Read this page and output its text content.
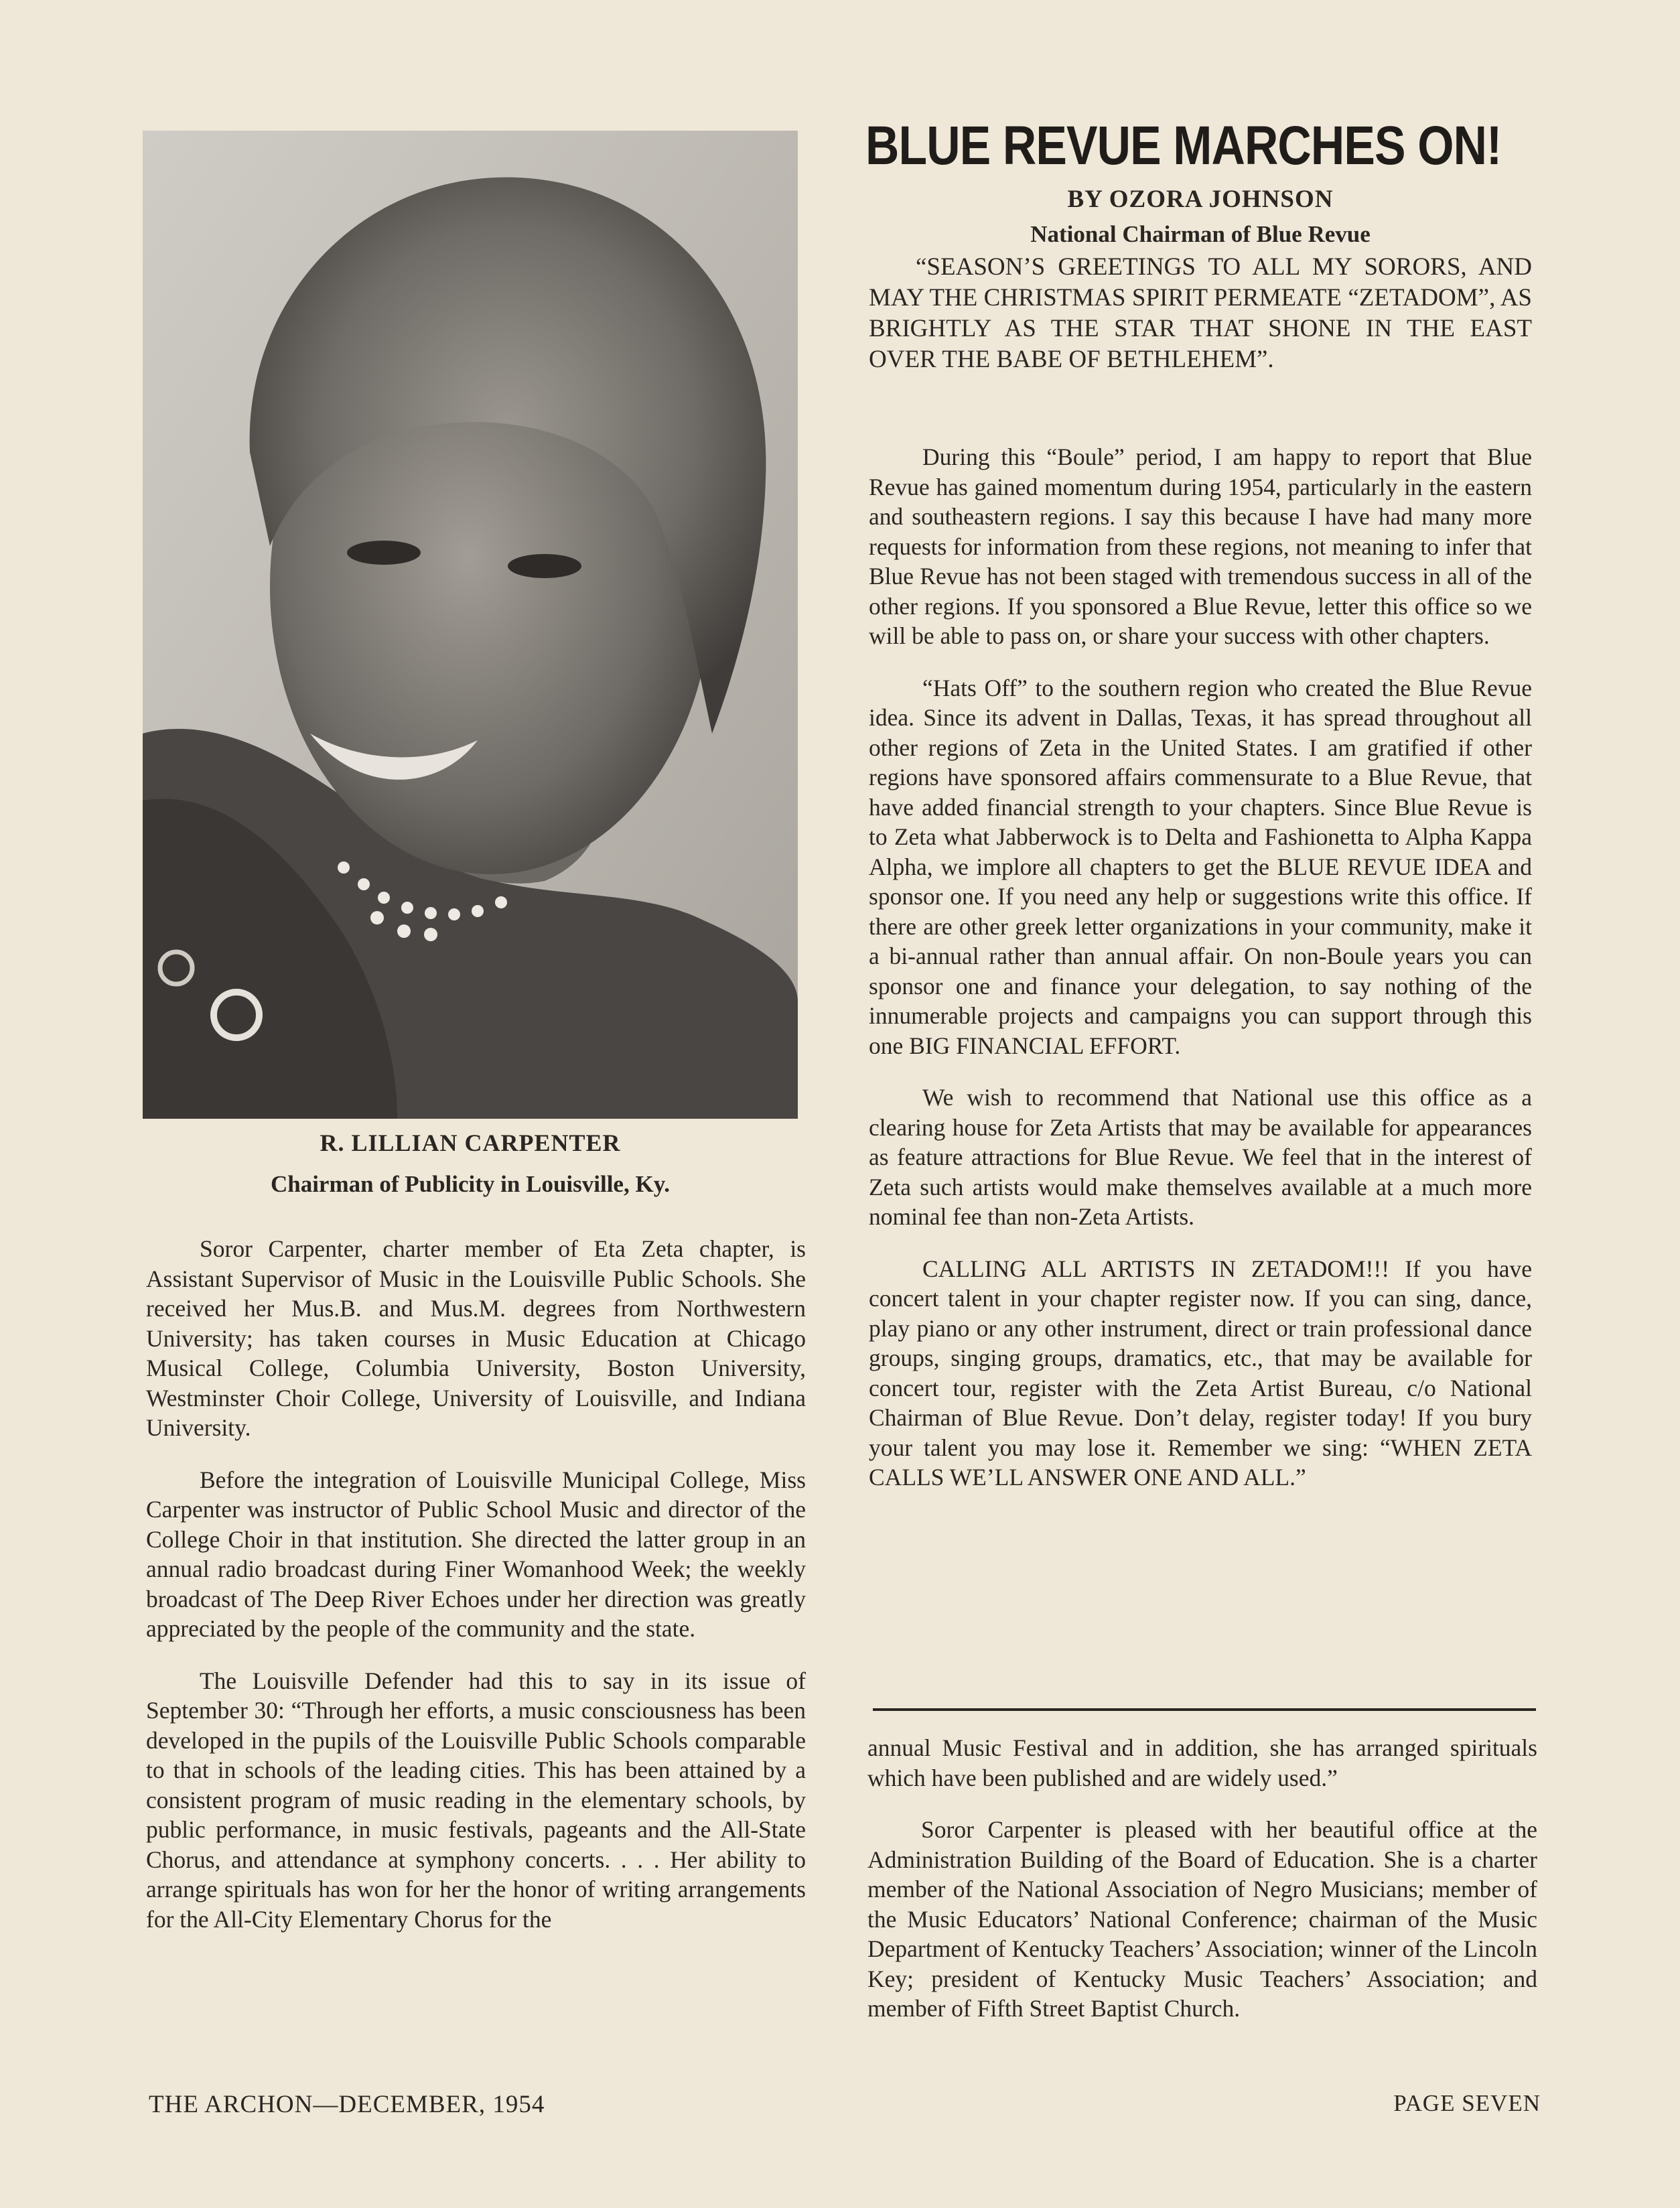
R. LILLIAN CARPENTER
Chairman of Publicity in Louisville, Ky.

Soror Carpenter, charter member of Eta Zeta chapter, is Assistant Supervisor of Music in the Louisville Public Schools. She received her Mus.B. and Mus.M. degrees from Northwestern University; has taken courses in Music Education at Chicago Musical College, Columbia University, Boston University, Westminster Choir College, University of Louisville, and Indiana University.

Before the integration of Louisville Municipal College, Miss Carpenter was instructor of Public School Music and director of the College Choir in that institution. She directed the latter group in an annual radio broadcast during Finer Womanhood Week; the weekly broadcast of The Deep River Echoes under her direction was greatly appreciated by the people of the community and the state.

The Louisville Defender had this to say in its issue of September 30: “Through her efforts, a music consciousness has been developed in the pupils of the Louisville Public Schools comparable to that in schools of the leading cities. This has been attained by a consistent program of music reading in the elementary schools, by public performance, in music festivals, pageants and the All-State Chorus, and attendance at symphony concerts. . . . Her ability to arrange spirituals has won for her the honor of writing arrangements for the All-City Elementary Chorus for the

BLUE REVUE MARCHES ON!
BY OZORA JOHNSON
National Chairman of Blue Revue

“SEASON’S GREETINGS TO ALL MY SORORS, AND MAY THE CHRISTMAS SPIRIT PERMEATE “ZETADOM”, AS BRIGHTLY AS THE STAR THAT SHONE IN THE EAST OVER THE BABE OF BETHLEHEM”.

During this “Boule” period, I am happy to report that Blue Revue has gained momentum during 1954, particularly in the eastern and southeastern regions. I say this because I have had many more requests for information from these regions, not meaning to infer that Blue Revue has not been staged with tremendous success in all of the other regions. If you sponsored a Blue Revue, letter this office so we will be able to pass on, or share your success with other chapters.

“Hats Off” to the southern region who created the Blue Revue idea. Since its advent in Dallas, Texas, it has spread throughout all other regions of Zeta in the United States. I am gratified if other regions have sponsored affairs commensurate to a Blue Revue, that have added financial strength to your chapters. Since Blue Revue is to Zeta what Jabberwock is to Delta and Fashionetta to Alpha Kappa Alpha, we implore all chapters to get the BLUE REVUE IDEA and sponsor one. If you need any help or suggestions write this office. If there are other greek letter organizations in your community, make it a bi-annual rather than annual affair. On non-Boule years you can sponsor one and finance your delegation, to say nothing of the innumerable projects and campaigns you can support through this one BIG FINANCIAL EFFORT.

We wish to recommend that National use this office as a clearing house for Zeta Artists that may be available for appearances as feature attractions for Blue Revue. We feel that in the interest of Zeta such artists would make themselves available at a much more nominal fee than non-Zeta Artists.

CALLING ALL ARTISTS IN ZETADOM!!! If you have concert talent in your chapter register now. If you can sing, dance, play piano or any other instrument, direct or train professional dance groups, singing groups, dramatics, etc., that may be available for concert tour, register with the Zeta Artist Bureau, c/o National Chairman of Blue Revue. Don’t delay, register today! If you bury your talent you may lose it. Remember we sing: “WHEN ZETA CALLS WE’LL ANSWER ONE AND ALL.”

annual Music Festival and in addition, she has arranged spirituals which have been published and are widely used.”

Soror Carpenter is pleased with her beautiful office at the Administration Building of the Board of Education. She is a charter member of the National Association of Negro Musicians; member of the Music Educators’ National Conference; chairman of the Music Department of Kentucky Teachers’ Association; winner of the Lincoln Key; president of Kentucky Music Teachers’ Association; and member of Fifth Street Baptist Church.

THE ARCHON—DECEMBER, 1954	PAGE SEVEN
